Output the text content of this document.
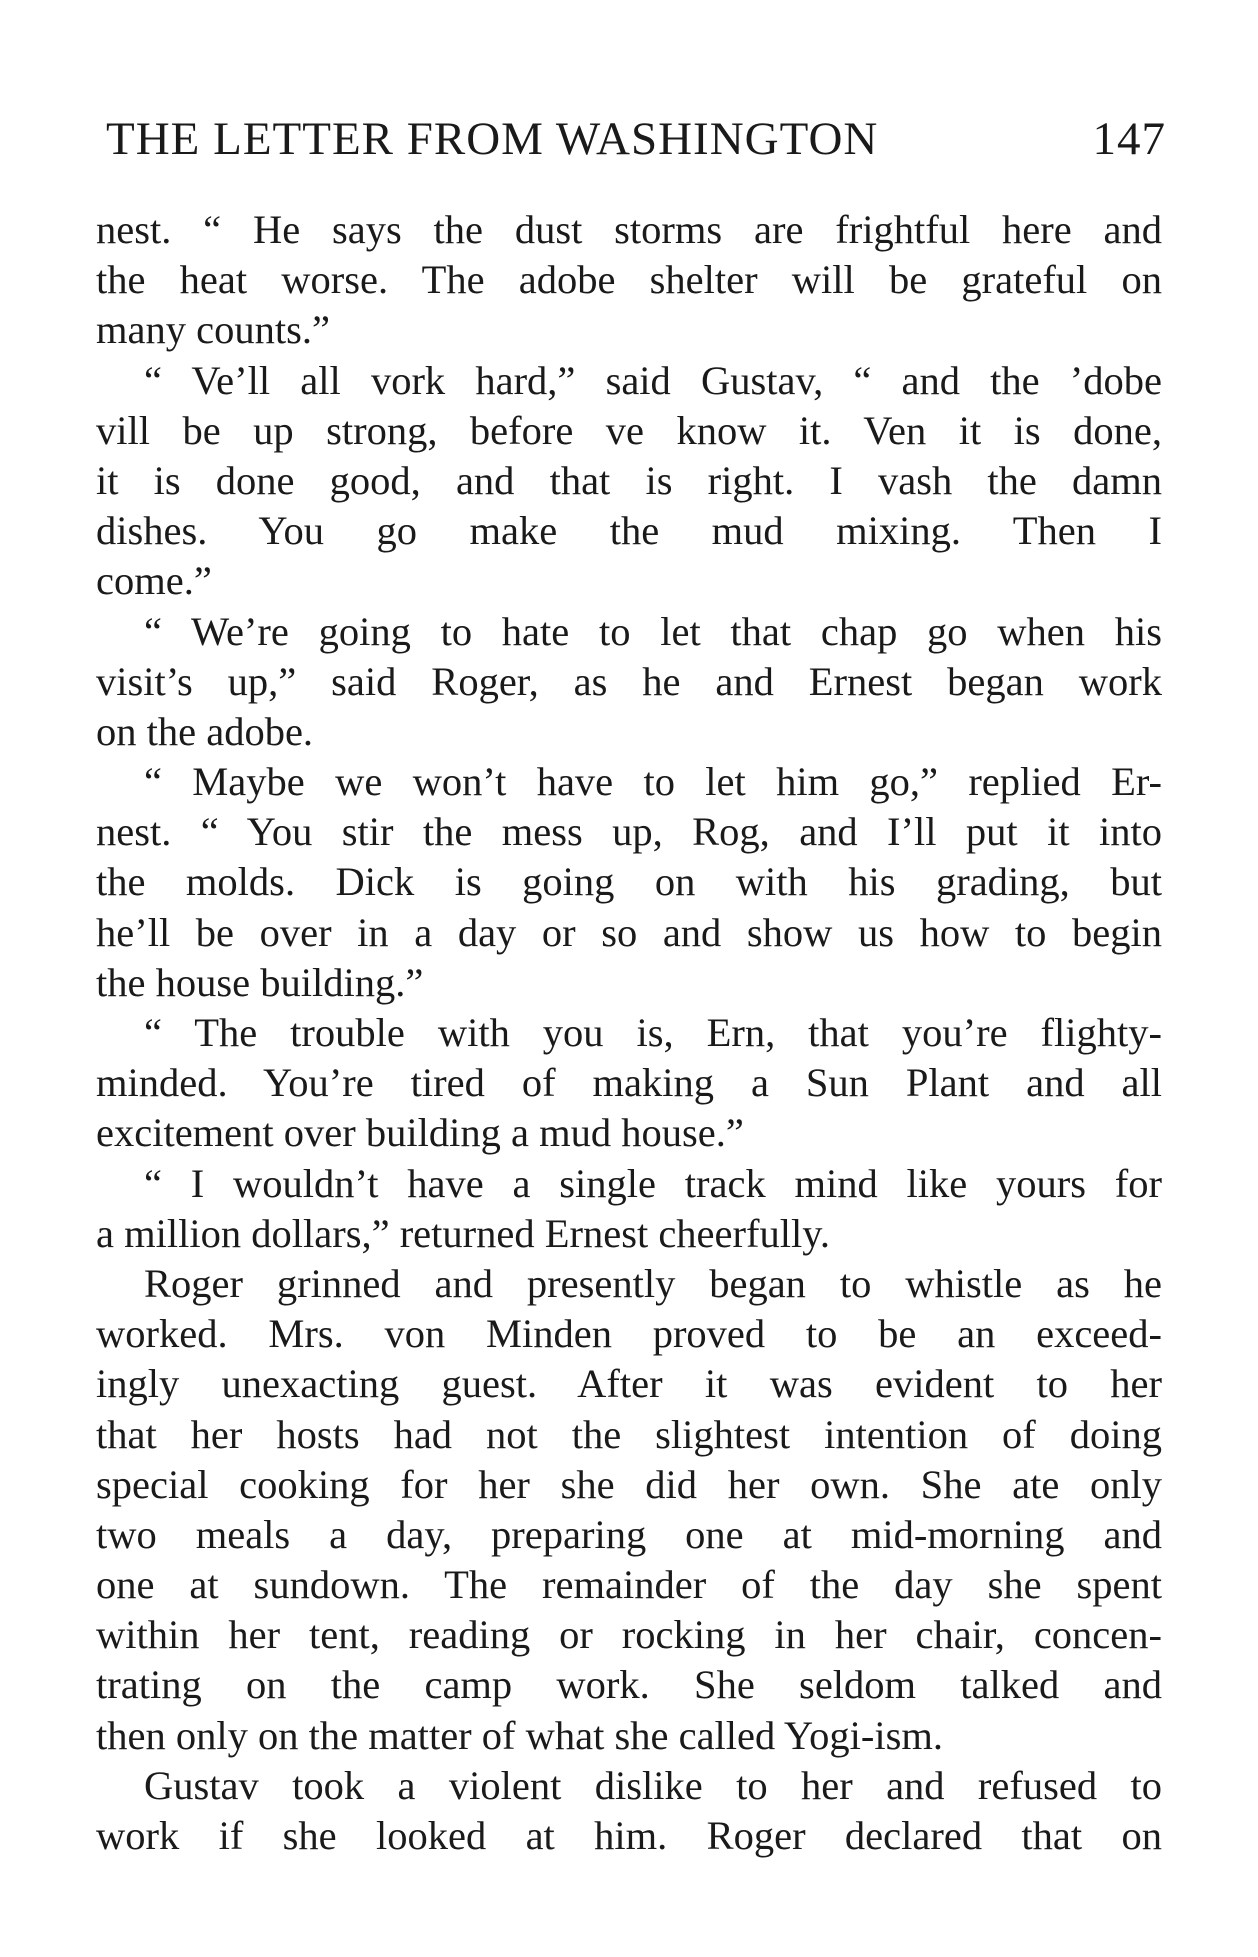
THE LETTER FROM WASHINGTON	147
nest. “ He says the dust storms are frightful here and
the heat worse. The adobe shelter will be grateful on
many counts.”
“ Ve’ll all vork hard,” said Gustav, “ and the ’dobe
vill be up strong, before ve know it. Ven it is done,
it is done good, and that is right. I vash the damn
dishes. You go make the mud mixing. Then I
come.”
“ We’re going to hate to let that chap go when his
visit’s up,” said Roger, as he and Ernest began work
on the adobe.
“ Maybe we won’t have to let him go,” replied Er-
nest. “ You stir the mess up, Rog, and I’ll put it into
the molds. Dick is going on with his grading, but
he’ll be over in a day or so and show us how to begin
the house building.”
“ The trouble with you is, Ern, that you’re flighty-
minded. You’re tired of making a Sun Plant and all
excitement over building a mud house.”
“ I wouldn’t have a single track mind like yours for
a million dollars,” returned Ernest cheerfully.
Roger grinned and presently began to whistle as he
worked. Mrs. von Minden proved to be an exceed-
ingly unexacting guest. After it was evident to her
that her hosts had not the slightest intention of doing
special cooking for her she did her own. She ate only
two meals a day, preparing one at mid-morning and
one at sundown. The remainder of the day she spent
within her tent, reading or rocking in her chair, concen-
trating on the camp work. She seldom talked and
then only on the matter of what she called Yogi-ism.
Gustav took a violent dislike to her and refused to
work if she looked at him. Roger declared that on
